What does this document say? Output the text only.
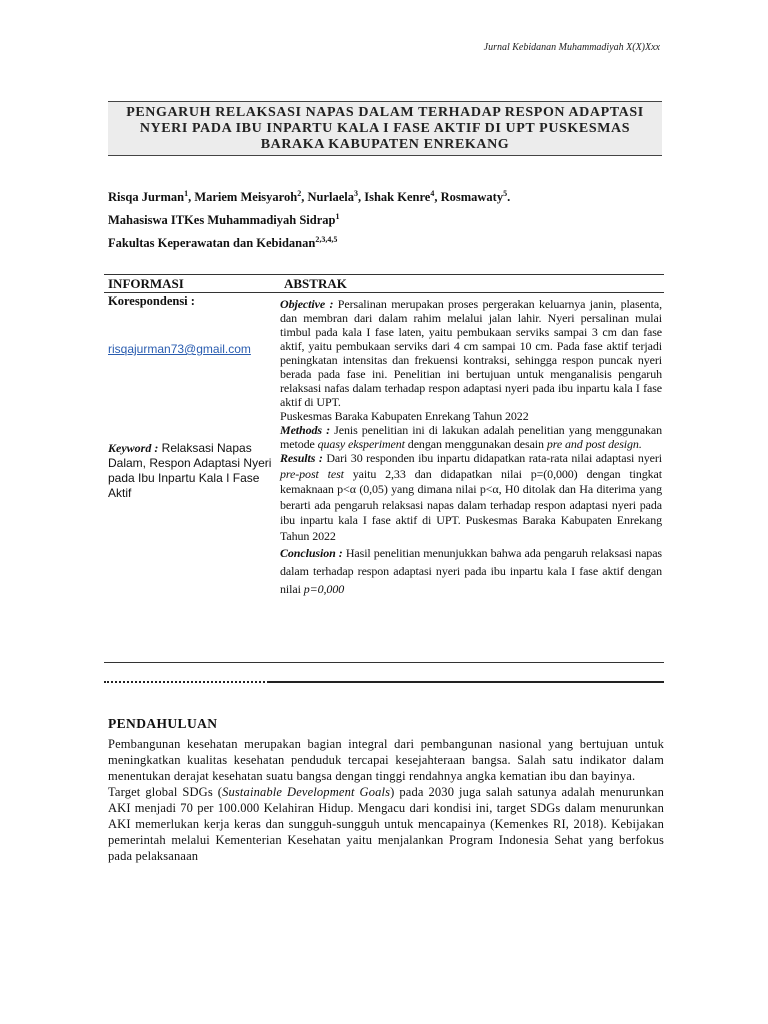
Jurnal Kebidanan Muhammadiyah X(X)Xxx
PENGARUH RELAKSASI NAPAS DALAM TERHADAP RESPON ADAPTASI
NYERI PADA IBU INPARTU KALA I FASE AKTIF DI UPT PUSKESMAS
BARAKA KABUPATEN ENREKANG
Risqa Jurman$^1$, Mariem Meisyaroh$^2$, Nurlaela$^3$, Ishak Kenre$^4$, Rosmawaty$^5$.
Mahasiswa ITKes Muhammadiyah Sidrap$^1$
Fakultas Keperawatan dan Kebidanan$^{2,3,4,5}$
INFORMASI	ABSTRAK
Korespondensi :
risqajurman73@gmail.com
Keyword : Relaksasi Napas Dalam, Respon Adaptasi Nyeri pada Ibu Inpartu Kala I Fase Aktif

Objective : Persalinan merupakan proses pergerakan keluarnya janin, plasenta, dan membran dari dalam rahim melalui jalan lahir. Nyeri persalinan mulai timbul pada kala I fase laten, yaitu pembukaan serviks sampai 3 cm dan fase aktif, yaitu pembukaan serviks dari 4 cm sampai 10 cm. Pada fase aktif terjadi peningkatan intensitas dan frekuensi kontraksi, sehingga respon puncak nyeri berada pada fase ini. Penelitian ini bertujuan untuk menganalisis pengaruh relaksasi nafas dalam terhadap respon adaptasi nyeri pada ibu inpartu kala I fase aktif di UPT.

Puskesmas Baraka Kabupaten Enrekang Tahun 2022

Methods : Jenis penelitian ini di lakukan adalah penelitian yang menggunakan metode quasy eksperiment dengan menggunakan desain pre and post design.

Results : Dari 30 responden ibu inpartu didapatkan rata-rata nilai adaptasi nyeri pre-post test yaitu 2,33 dan didapatkan nilai p=(0,000) dengan tingkat kemaknaan p<α (0,05) yang dimana nilai p<α, H0 ditolak dan Ha diterima yang berarti ada pengaruh relaksasi napas dalam terhadap respon adaptasi nyeri pada ibu inpartu kala I fase aktif di UPT. Puskesmas Baraka Kabupaten Enrekang Tahun 2022

Conclusion : Hasil penelitian menunjukkan bahwa ada pengaruh relaksasi napas dalam terhadap respon adaptasi nyeri pada ibu inpartu kala I fase aktif dengan nilai p=0,000

PENDAHULUAN

Pembangunan kesehatan merupakan bagian integral dari pembangunan nasional yang bertujuan untuk meningkatkan kualitas kesehatan penduduk tercapai kesejahteraan bangsa. Salah satu indikator dalam menentukan derajat kesehatan suatu bangsa dengan tinggi rendahnya angka kematian ibu dan bayinya.

Target global SDGs (Sustainable Development Goals) pada 2030 juga salah satunya adalah menurunkan AKI menjadi 70 per 100.000 Kelahiran Hidup. Mengacu dari kondisi ini, target SDGs dalam menurunkan AKI memerlukan kerja keras dan sungguh-sungguh untuk mencapainya (Kemenkes RI, 2018). Kebijakan pemerintah melalui Kementerian Kesehatan yaitu menjalankan Program Indonesia Sehat yang berfokus pada pelaksanaan
